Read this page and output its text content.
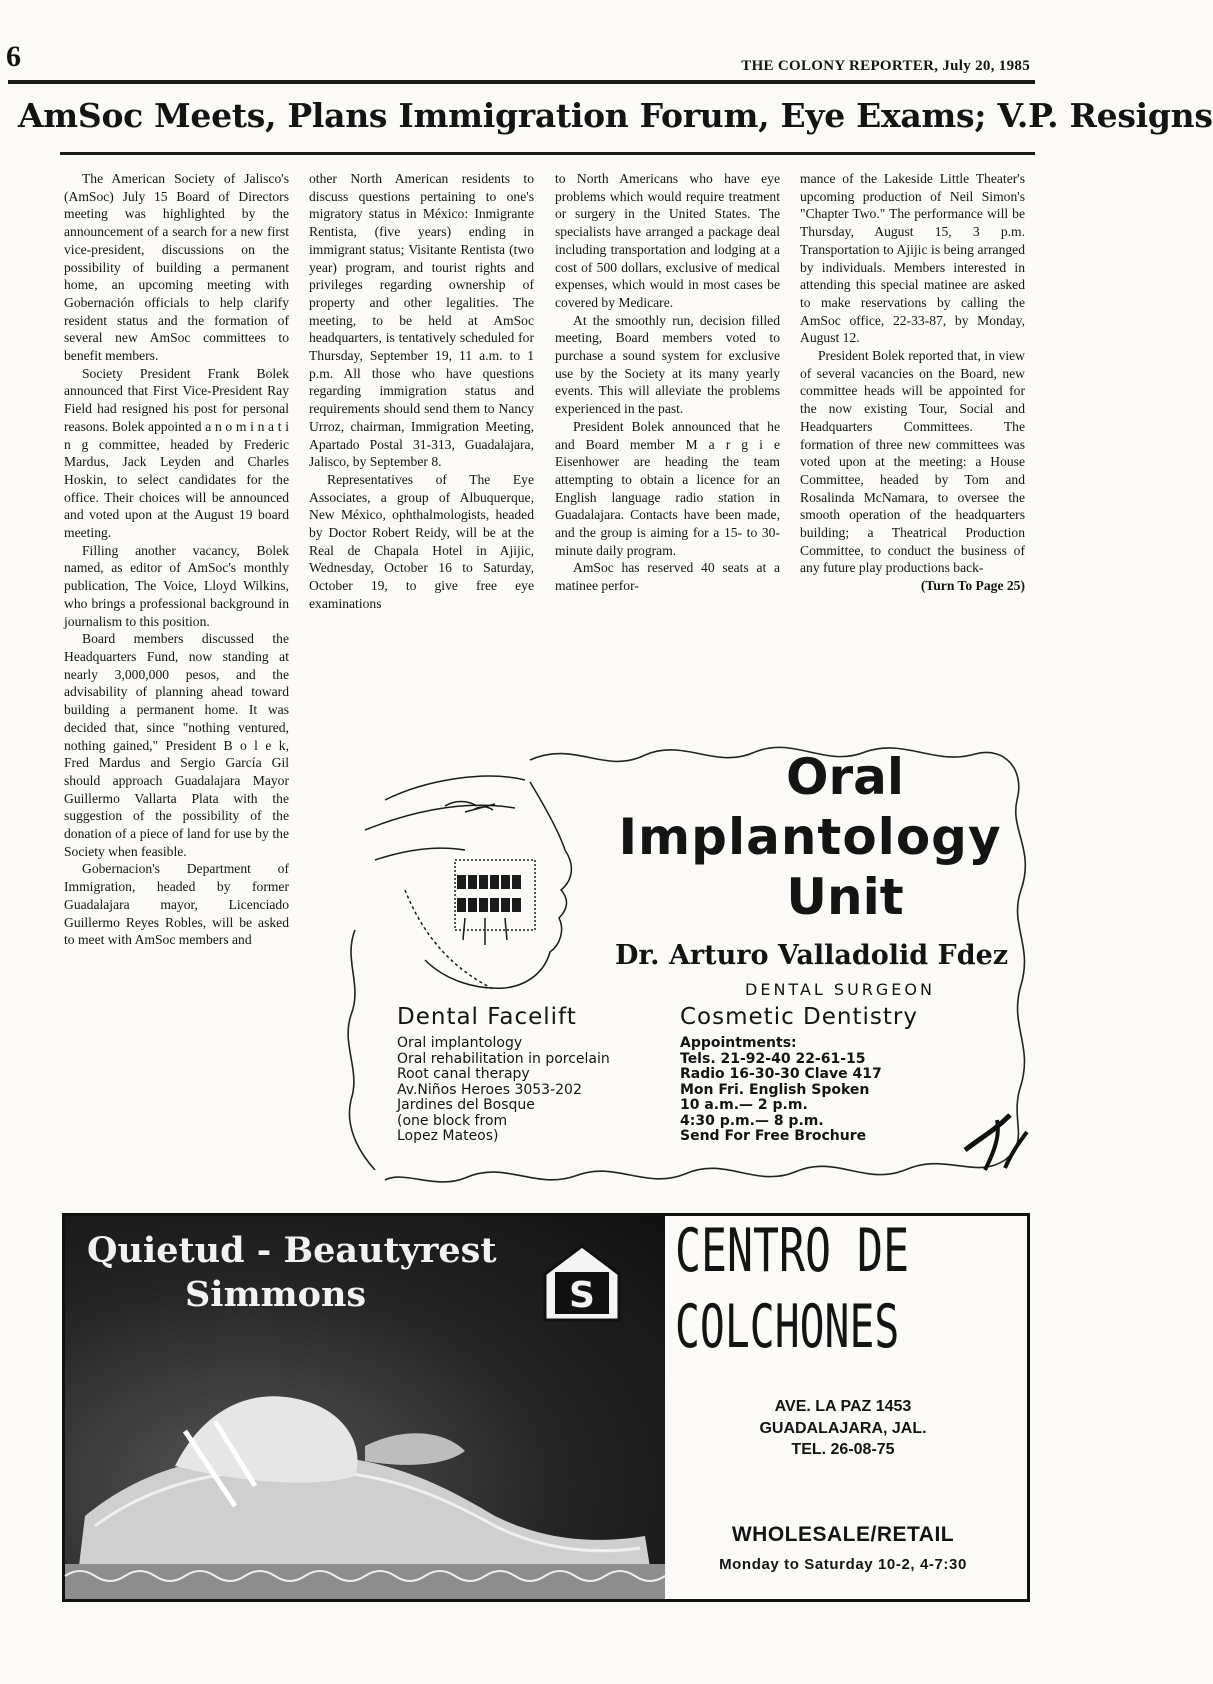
6	THE COLONY REPORTER, July 20, 1985
AmSoc Meets, Plans Immigration Forum, Eye Exams; V.P. Resigns

The American Society of Jalisco's (AmSoc) July 15 Board of Directors meeting was highlighted by the announcement of a search for a new first vice-president, discussions on the possibility of building a permanent home, an upcoming meeting with Gobernación officials to help clarify resident status and the formation of several new AmSoc committees to benefit members.

Society President Frank Bolek announced that First Vice-President Ray Field had resigned his post for personal reasons. Bolek appointed a n o m i n a t i n g committee, headed by Frederic Mardus, Jack Leyden and Charles Hoskin, to select candidates for the office. Their choices will be announced and voted upon at the August 19 board meeting.

Filling another vacancy, Bolek named, as editor of AmSoc's monthly publication, The Voice, Lloyd Wilkins, who brings a professional background in journalism to this position.

Board members discussed the Headquarters Fund, now standing at nearly 3,000,000 pesos, and the advisability of planning ahead toward building a permanent home. It was decided that, since "nothing ventured, nothing gained," President B o l e k, Fred Mardus and Sergio García Gil should approach Guadalajara Mayor Guillermo Vallarta Plata with the suggestion of the possibility of the donation of a piece of land for use by the Society when feasible.

Gobernacion's Department of Immigration, headed by former Guadalajara mayor, Licenciado Guillermo Reyes Robles, will be asked to meet with AmSoc members and

other North American residents to discuss questions pertaining to one's migratory status in México: Inmigrante Rentista, (five years) ending in immigrant status; Visitante Rentista (two year) program, and tourist rights and privileges regarding ownership of property and other legalities. The meeting, to be held at AmSoc headquarters, is tentatively scheduled for Thursday, September 19, 11 a.m. to 1 p.m. All those who have questions regarding immigration status and requirements should send them to Nancy Urroz, chairman, Immigration Meeting, Apartado Postal 31-313, Guadalajara, Jalisco, by September 8.

Representatives of The Eye Associates, a group of Albuquerque, New México, ophthalmologists, headed by Doctor Robert Reidy, will be at the Real de Chapala Hotel in Ajijic, Wednesday, October 16 to Saturday, October 19, to give free eye examinations

to North Americans who have eye problems which would require treatment or surgery in the United States. The specialists have arranged a package deal including transportation and lodging at a cost of 500 dollars, exclusive of medical expenses, which would in most cases be covered by Medicare.

At the smoothly run, decision filled meeting, Board members voted to purchase a sound system for exclusive use by the Society at its many yearly events. This will alleviate the problems experienced in the past.

President Bolek announced that he and Board member M a r g i e Eisenhower are heading the team attempting to obtain a licence for an English language radio station in Guadalajara. Contacts have been made, and the group is aiming for a 15- to 30-minute daily program.

AmSoc has reserved 40 seats at a matinee perfor-

mance of the Lakeside Little Theater's upcoming production of Neil Simon's "Chapter Two." The performance will be Thursday, August 15, 3 p.m. Transportation to Ajijic is being arranged by individuals. Members interested in attending this special matinee are asked to make reservations by calling the AmSoc office, 22-33-87, by Monday, August 12.

President Bolek reported that, in view of several vacancies on the Board, new committee heads will be appointed for the now existing Tour, Social and Headquarters Committees. The formation of three new committees was voted upon at the meeting: a House Committee, headed by Tom and Rosalinda McNamara, to oversee the smooth operation of the headquarters building; a Theatrical Production Committee, to conduct the business of any future play productions back-

(Turn To Page 25)

Oral
Implantology
Unit
Dr. Arturo Valladolid Fdez
DENTAL SURGEON
Dental Facelift	Cosmetic Dentistry
Oral implantology
Oral rehabilitation in porcelain
Root canal therapy
Av.Niños Heroes 3053-202
Jardines del Bosque
(one block from
Lopez Mateos)
Appointments:
Tels. 21-92-40 22-61-15
Radio 16-30-30 Clave 417
Mon Fri. English Spoken
10 a.m.— 2 p.m.
4:30 p.m.— 8 p.m.
Send For Free Brochure
Quietud - Beautyrest
Simmons	S
CENTRO DE
COLCHONES
AVE. LA PAZ 1453
GUADALAJARA, JAL.
TEL. 26-08-75
WHOLESALE/RETAIL
Monday to Saturday 10-2, 4-7:30
